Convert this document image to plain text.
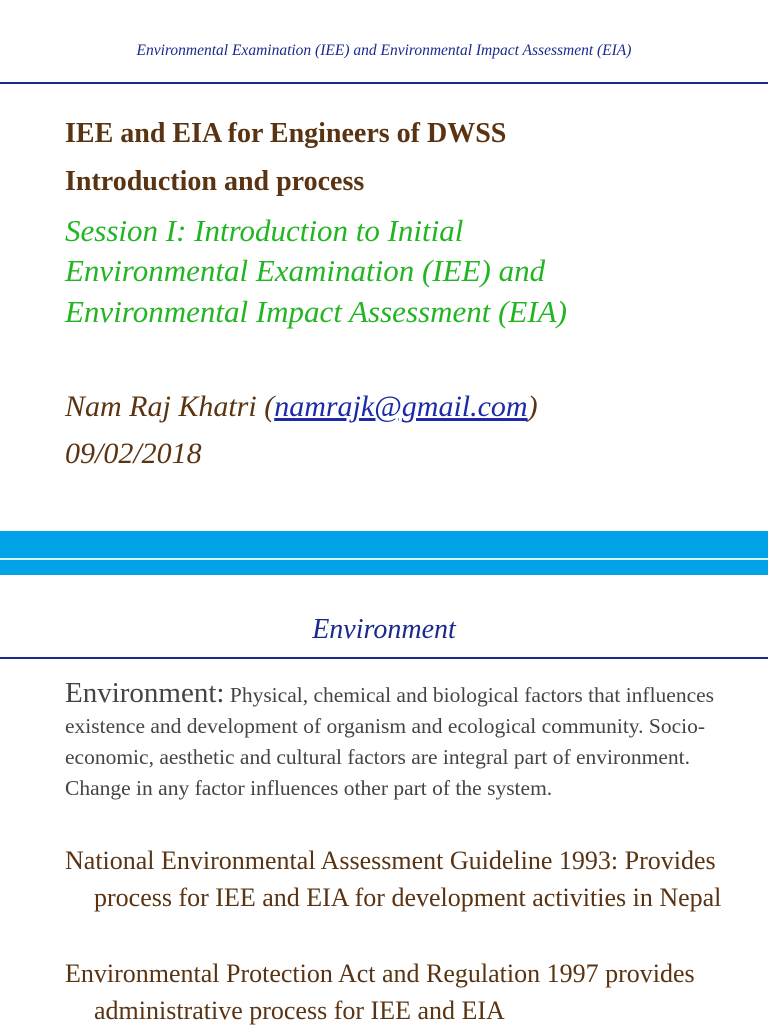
Environmental Examination (IEE) and Environmental Impact Assessment (EIA)
IEE and EIA for Engineers of DWSS
Introduction and process
Session I: Introduction to Initial
Environmental Examination (IEE) and
Environmental Impact Assessment (EIA)
Nam Raj Khatri (namrajk@gmail.com)
09/02/2018
Environment
Environment: Physical, chemical and biological factors that influences existence and development of organism and ecological community. Socio-economic, aesthetic and cultural factors are integral part of environment. Change in any factor influences other part of the system.
National Environmental Assessment Guideline 1993: Provides process for IEE and EIA for development activities in Nepal
Environmental Protection Act and Regulation 1997 provides administrative process for IEE and EIA
